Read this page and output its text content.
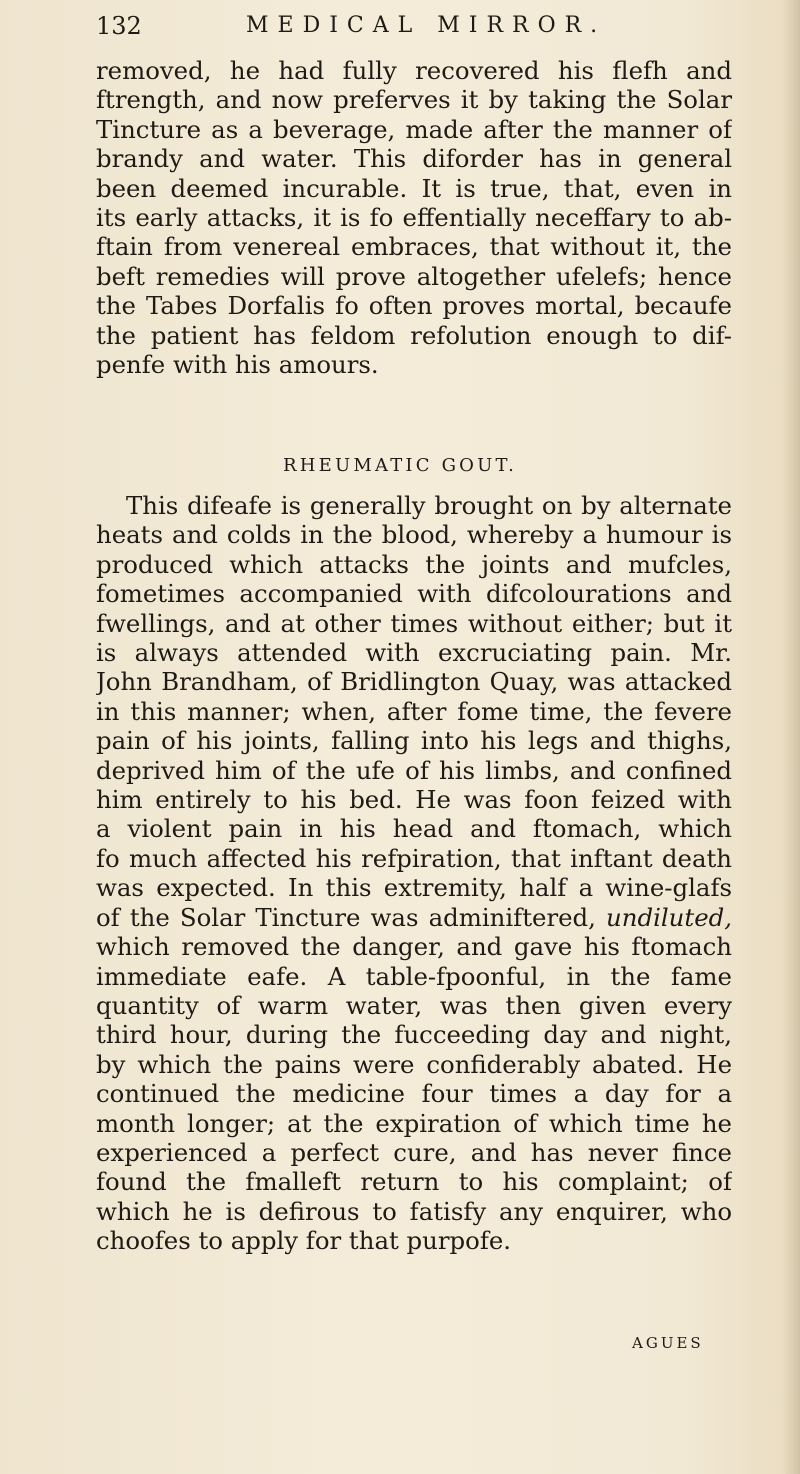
132	MEDICAL MIRROR.
removed, he had fully recovered his flefh and
ftrength, and now preferves it by taking the Solar
Tincture as a beverage, made after the manner of
brandy and water. This diforder has in general
been deemed incurable. It is true, that, even in
its early attacks, it is fo effentially neceffary to ab-
ftain from venereal embraces, that without it, the
beft remedies will prove altogether ufelefs; hence
the Tabes Dorfalis fo often proves mortal, becaufe
the patient has feldom refolution enough to dif-
penfe with his amours.
RHEUMATIC GOUT.
This difeafe is generally brought on by alternate
heats and colds in the blood, whereby a humour is
produced which attacks the joints and mufcles,
fometimes accompanied with difcolourations and
fwellings, and at other times without either; but it
is always attended with excruciating pain. Mr.
John Brandham, of Bridlington Quay, was attacked
in this manner; when, after fome time, the fevere
pain of his joints, falling into his legs and thighs,
deprived him of the ufe of his limbs, and confined
him entirely to his bed. He was foon feized with
a violent pain in his head and ftomach, which
fo much affected his refpiration, that inftant death
was expected. In this extremity, half a wine-glafs
of the Solar Tincture was adminiftered, undiluted,
which removed the danger, and gave his ftomach
immediate eafe. A table-fpoonful, in the fame
quantity of warm water, was then given every
third hour, during the fucceeding day and night,
by which the pains were confiderably abated. He
continued the medicine four times a day for a
month longer; at the expiration of which time he
experienced a perfect cure, and has never fince
found the fmalleft return to his complaint; of
which he is defirous to fatisfy any enquirer, who
choofes to apply for that purpofe.
AGUES
